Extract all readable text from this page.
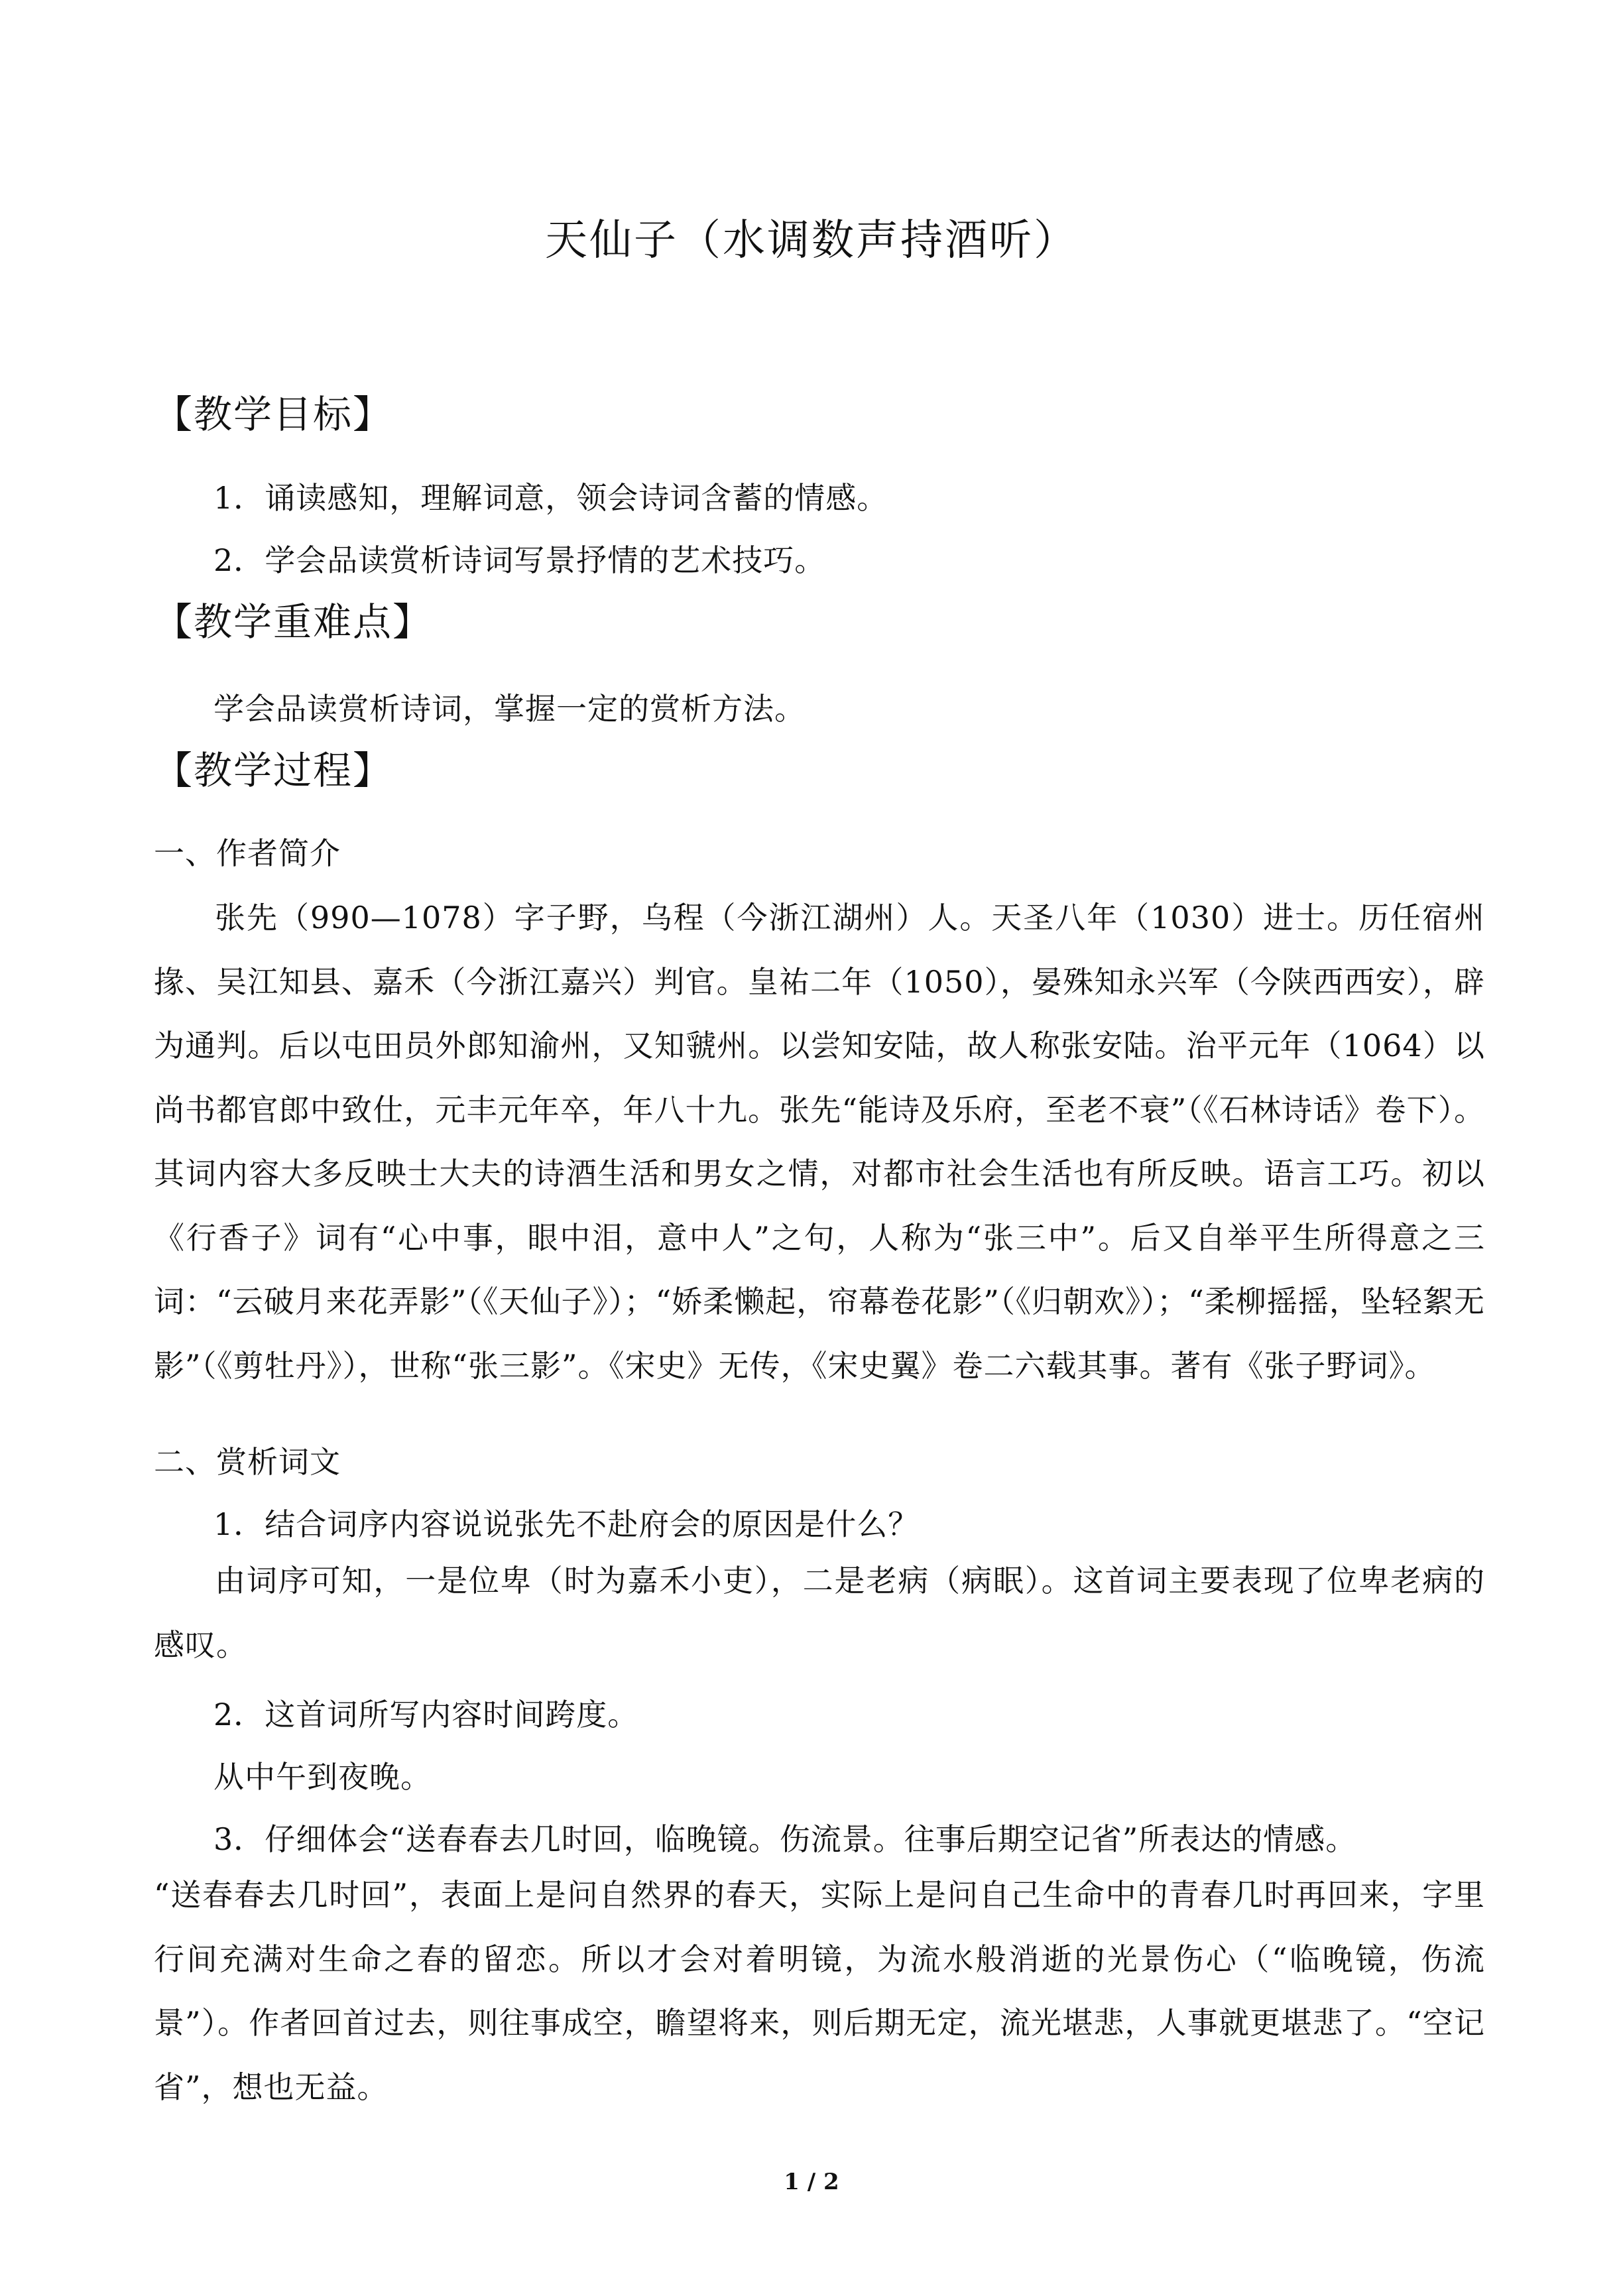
天仙子（水调数声持酒听）
【教学目标】

1．诵读感知，理解词意，领会诗词含蓄的情感。

2．学会品读赏析诗词写景抒情的艺术技巧。

【教学重难点】

学会品读赏析诗词，掌握一定的赏析方法。

【教学过程】
一、作者简介

张先（990—1078）字子野，乌程（今浙江湖州）人。天圣八年（1030）进士。历任宿州掾、吴江知县、嘉禾（今浙江嘉兴）判官。皇祐二年（1050），晏殊知永兴军（今陕西西安），辟为通判。后以屯田员外郎知渝州，又知虢州。以尝知安陆，故人称张安陆。治平元年（1064）以尚书都官郎中致仕，元丰元年卒，年八十九。张先“能诗及乐府，至老不衰”（《石林诗话》卷下）。其词内容大多反映士大夫的诗酒生活和男女之情，对都市社会生活也有所反映。语言工巧。初以《行香子》词有“心中事，眼中泪，意中人”之句，人称为“张三中”。后又自举平生所得意之三词：“云破月来花弄影”（《天仙子》）；“娇柔懒起，帘幕卷花影”（《归朝欢》）；“柔柳摇摇，坠轻絮无影”（《剪牡丹》），世称“张三影”。《宋史》无传，《宋史翼》卷二六载其事。著有《张子野词》。

二、赏析词文

1．结合词序内容说说张先不赴府会的原因是什么？

由词序可知，一是位卑（时为嘉禾小吏），二是老病（病眠）。这首词主要表现了位卑老病的感叹。

2．这首词所写内容时间跨度。

从中午到夜晚。

3．仔细体会“送春春去几时回，临晚镜。伤流景。往事后期空记省”所表达的情感。

“送春春去几时回”，表面上是问自然界的春天，实际上是问自己生命中的青春几时再回来，字里行间充满对生命之春的留恋。所以才会对着明镜，为流水般消逝的光景伤心（“临晚镜，伤流景”）。作者回首过去，则往事成空，瞻望将来，则后期无定，流光堪悲，人事就更堪悲了。“空记省”，想也无益。

1 / 2
